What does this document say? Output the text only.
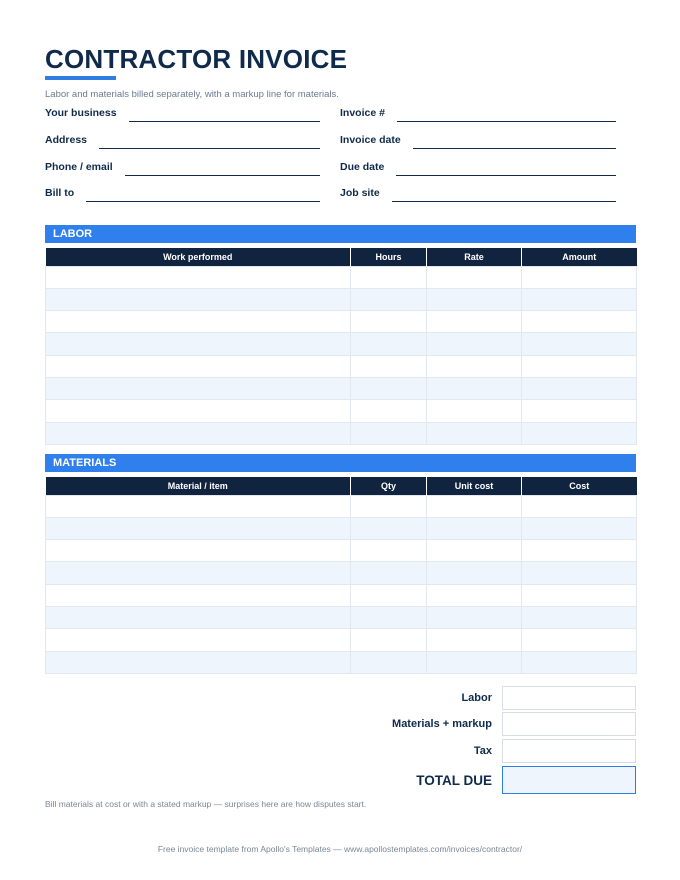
CONTRACTOR INVOICE
Labor and materials billed separately, with a markup line for materials.
Your business
Address
Phone / email
Bill to
Invoice #
Invoice date
Due date
Job site
LABOR
Work performed	Hours	Rate	Amount

MATERIALS
Material / item	Qty	Unit cost	Cost

Labor
Materials + markup
Tax
TOTAL DUE
Bill materials at cost or with a stated markup — surprises here are how disputes start.
Free invoice template from Apollo's Templates — www.apollostemplates.com/invoices/contractor/
